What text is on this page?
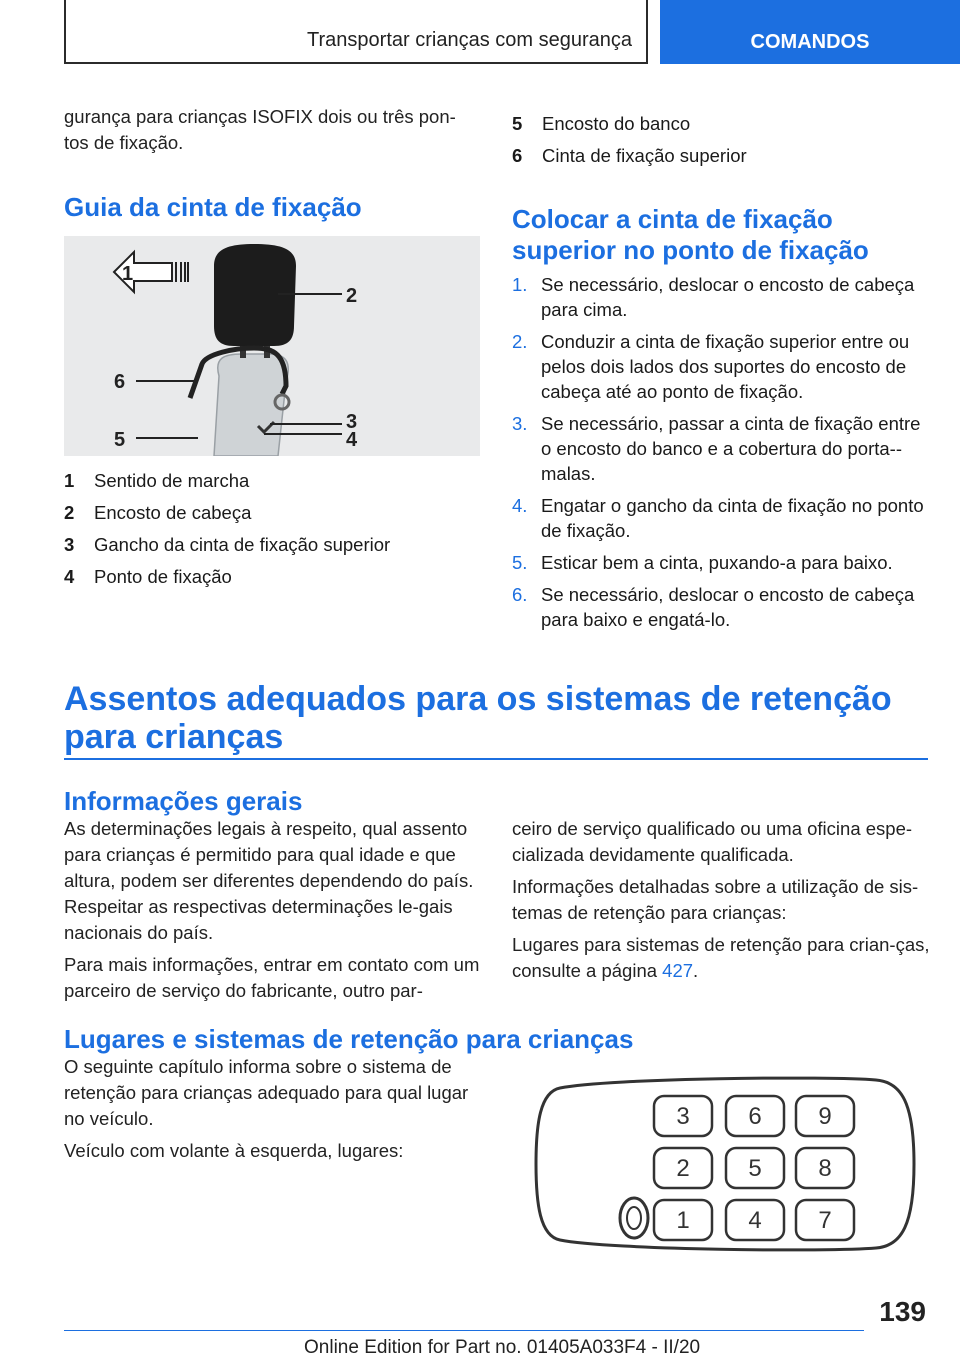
Transportar crianças com segurança	COMANDOS

gurança para crianças ISOFIX dois ou três pon-tos de fixação.

Guia da cinta de fixação
1
2
3
4
5
6
1	Sentido de marcha
2	Encosto de cabeça
3	Gancho da cinta de fixação superior
4	Ponto de fixação
5	Encosto do banco
6	Cinta de fixação superior
Colocar a cinta de fixação superior no ponto de fixação
1. Se necessário, deslocar o encosto de cabeça para cima.
2. Conduzir a cinta de fixação superior entre ou pelos dois lados dos suportes do encosto de cabeça até ao ponto de fixação.
3. Se necessário, passar a cinta de fixação entre o encosto do banco e a cobertura do porta--malas.
4. Engatar o gancho da cinta de fixação no ponto de fixação.
5. Esticar bem a cinta, puxando-a para baixo.
6. Se necessário, deslocar o encosto de cabeça para baixo e engatá-lo.
Assentos adequados para os sistemas de retenção para crianças
Informações gerais

As determinações legais à respeito, qual assento para crianças é permitido para qual idade e que altura, podem ser diferentes dependendo do país. Respeitar as respectivas determinações le-gais nacionais do país.

Para mais informações, entrar em contato com um parceiro de serviço do fabricante, outro par-

ceiro de serviço qualificado ou uma oficina espe-cializada devidamente qualificada.

Informações detalhadas sobre a utilização de sis-temas de retenção para crianças:

Lugares para sistemas de retenção para crian-ças, consulte a página 427.

Lugares e sistemas de retenção para crianças

O seguinte capítulo informa sobre o sistema de retenção para crianças adequado para qual lugar no veículo.

Veículo com volante à esquerda, lugares:

3 6 9
2 5 8
1 4 7
139
Online Edition for Part no. 01405A033F4 - II/20
